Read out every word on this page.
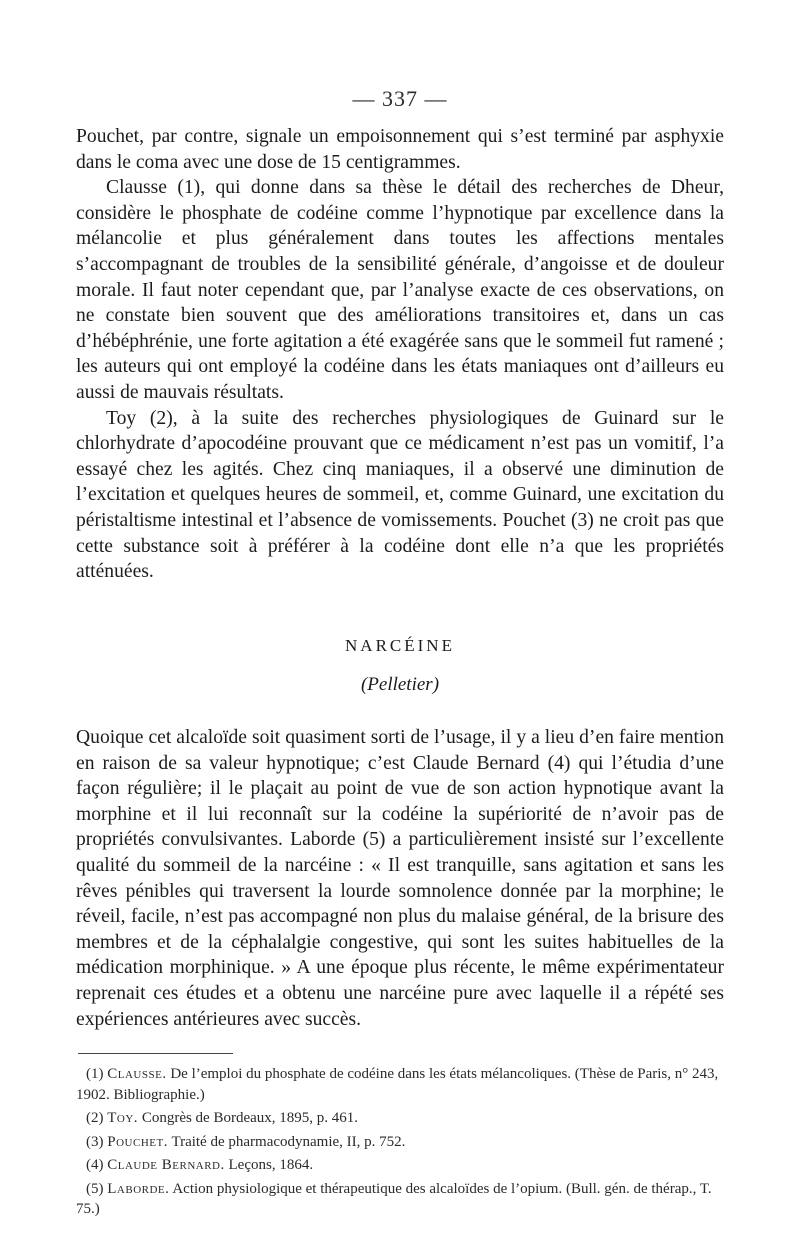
— 337 —

Pouchet, par contre, signale un empoisonnement qui s’est terminé par asphyxie dans le coma avec une dose de 15 centigrammes.

Clausse (1), qui donne dans sa thèse le détail des recherches de Dheur, considère le phosphate de codéine comme l’hypnotique par excellence dans la mélancolie et plus généralement dans toutes les affections mentales s’accompagnant de troubles de la sensibilité générale, d’angoisse et de douleur morale. Il faut noter cependant que, par l’analyse exacte de ces observations, on ne constate bien souvent que des améliorations transitoires et, dans un cas d’hébéphrénie, une forte agitation a été exagérée sans que le sommeil fut ramené ; les auteurs qui ont employé la codéine dans les états maniaques ont d’ailleurs eu aussi de mauvais résultats.

Toy (2), à la suite des recherches physiologiques de Guinard sur le chlorhydrate d’apocodéine prouvant que ce médicament n’est pas un vomitif, l’a essayé chez les agités. Chez cinq maniaques, il a observé une diminution de l’excitation et quelques heures de sommeil, et, comme Guinard, une excitation du péristaltisme intestinal et l’absence de vomissements. Pouchet (3) ne croit pas que cette substance soit à préférer à la codéine dont elle n’a que les propriétés atténuées.

NARCÉINE
(Pelletier)

Quoique cet alcaloïde soit quasiment sorti de l’usage, il y a lieu d’en faire mention en raison de sa valeur hypnotique; c’est Claude Bernard (4) qui l’étudia d’une façon régulière; il le plaçait au point de vue de son action hypnotique avant la morphine et il lui reconnaît sur la codéine la supériorité de n’avoir pas de propriétés convulsivantes. Laborde (5) a particulièrement insisté sur l’excellente qualité du sommeil de la narcéine : « Il est tranquille, sans agitation et sans les rêves pénibles qui traversent la lourde somnolence donnée par la morphine; le réveil, facile, n’est pas accompagné non plus du malaise général, de la brisure des membres et de la céphalalgie congestive, qui sont les suites habituelles de la médication morphinique. » A une époque plus récente, le même expérimentateur reprenait ces études et a obtenu une narcéine pure avec laquelle il a répété ses expériences antérieures avec succès.

(1) Clausse. De l’emploi du phosphate de codéine dans les états mélancoliques. (Thèse de Paris, n° 243, 1902. Bibliographie.)

(2) Toy. Congrès de Bordeaux, 1895, p. 461.

(3) Pouchet. Traité de pharmacodynamie, II, p. 752.

(4) Claude Bernard. Leçons, 1864.

(5) Laborde. Action physiologique et thérapeutique des alcaloïdes de l’opium. (Bull. gén. de thérap., T. 75.)
